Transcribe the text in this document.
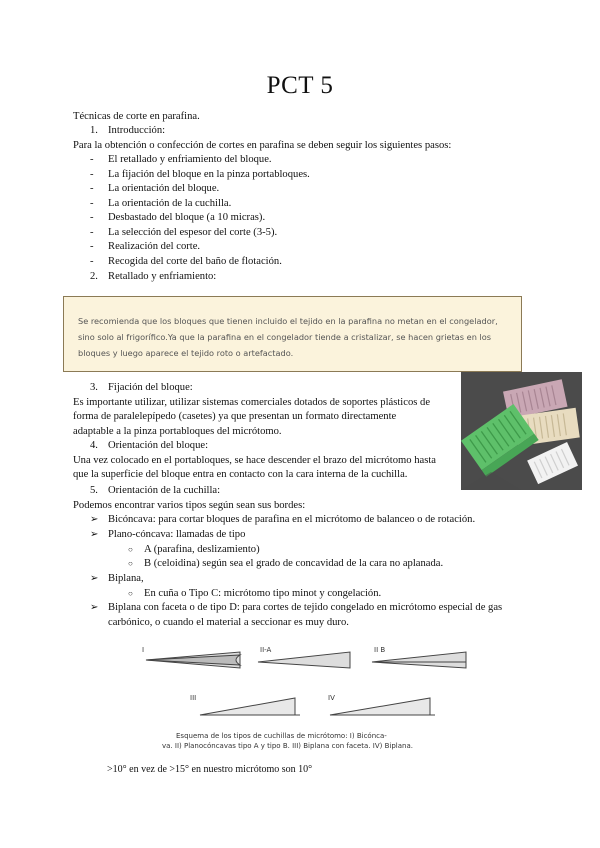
PCT 5
Técnicas de corte en parafina.
1. Introducción:
Para la obtención o confección de cortes en parafina se deben seguir los siguientes pasos:
-	El retallado y enfriamiento del bloque.
-	La fijación del bloque en la pinza portabloques.
-	La orientación del bloque.
-	La orientación de la cuchilla.
-	Desbastado del bloque (a 10 micras).
-	La selección del espesor del corte (3-5).
-	Realización del corte.
-	Recogida del corte del baño de flotación.
2. Retallado y enfriamiento:
Se recomienda que los bloques que tienen incluido el tejido en la parafina no metan en el congelador,
sino solo al frigorífico.Ya que la parafina en el congelador tiende a cristalizar, se hacen grietas en los
bloques y luego aparece el tejido roto o artefactado.
3. Fijación del bloque:
Es importante utilizar, utilizar sistemas comerciales dotados de soportes plásticos de
forma de paralelepípedo (casetes) ya que presentan un formato directamente
adaptable a la pinza portabloques del micrótomo.
4. Orientación del bloque:
Una vez colocado en el portabloques, se hace descender el brazo del micrótomo hasta
que la superficie del bloque entra en contacto con la cara interna de la cuchilla.
5. Orientación de la cuchilla:
Podemos encontrar varios tipos según sean sus bordes:
➢ Bicóncava: para cortar bloques de parafina en el micrótomo de balanceo o de rotación.
➢ Plano-cóncava: llamadas de tipo
○	A (parafina, deslizamiento)
○	B (celoidina) según sea el grado de concavidad de la cara no aplanada.
➢ Biplana,
○	En cuña o Tipo C: micrótomo tipo minot y congelación.
➢ Biplana con faceta o de tipo D: para cortes de tejido congelado en micrótomo especial de gas
carbónico, o cuando el material a seccionar es muy duro.
I	II-A	II B
III	IV
Esquema de los tipos de cuchillas de micrótomo: I) Bicónca-
va. II) Planocóncavas tipo A y tipo B. III) Biplana con faceta. IV) Biplana.
>10° en vez de >15° en nuestro micrótomo son 10°
